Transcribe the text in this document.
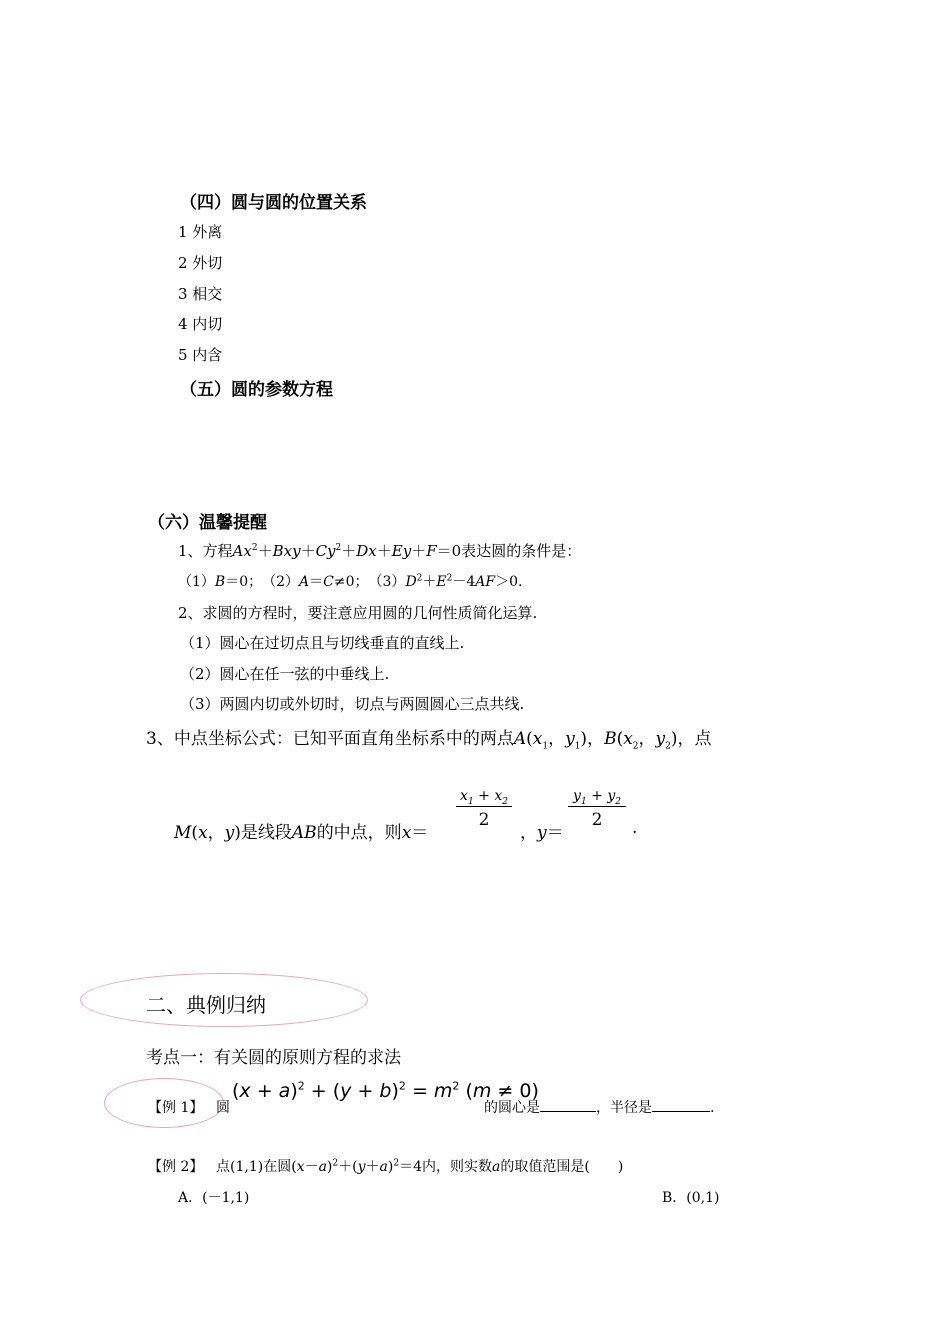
（四）圆与圆的位置关系
1 外离
2 外切
3 相交
4 内切
5 内含
（五）圆的参数方程
（六）温馨提醒
1、方程$Ax^2+Bxy+Cy^2+Dx+Ey+F=0$表达圆的条件是：
（1）B＝0；　（2）A＝C≠0；　$(3)D^2+E^2-4AF>0$.
2、求圆的方程时，要注意应用圆的几何性质简化运算.
（1）圆心在过切点且与切线垂直的直线上.
（2）圆心在任一弦的中垂线上.
（3）两圆内切或外切时，切点与两圆圆心三点共线.
3、中点坐标公式：已知平面直角坐标系中的两点$A(x_1$，$y_1$)，$B(x_2$，$y_2$)，点
M(x，y)是线段AB的中点，则x＝
$x_1 + x_2$
2
，y＝
$y_1 + y_2$
2	.
二、典例归纳
考点一：有关圆的原则方程的求法
【例 1】 圆
$(x + a)^2 + (y + b)^2 = m^2$ (m ≠ 0)
的圆心是	，半径是	.
【例 2】 点(1,1)在圆$(x-a)^2+(y+a)^2=4$内，则实数a的取值范围是(　　)
A．(－1,1)	B．(0,1)
